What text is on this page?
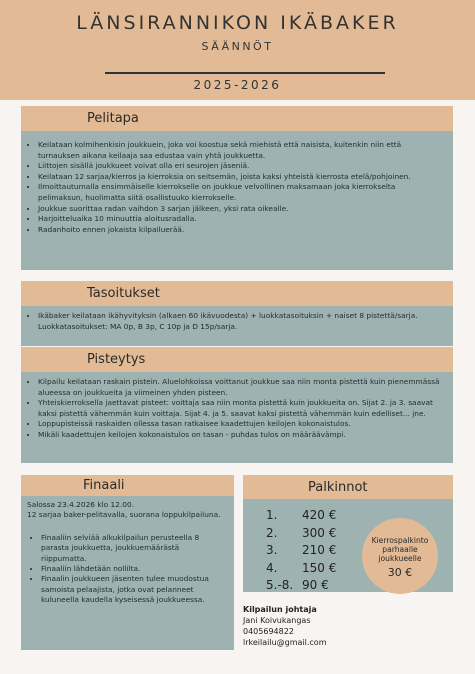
LÄNSIRANNIKON IKÄBAKER
SÄÄNNÖT
2025-2026
Pelitapa
• Keilataan kolmihenkisin joukkuein, joka voi koostua sekä miehistä että naisista, kuitenkin niin että turnauksen aikana keilaaja saa edustaa vain yhtä joukkuetta.
• Liittojen sisällä joukkueet voivat olla eri seurojen jäseniä.
• Keilataan 12 sarjaa/kierros ja kierroksia on seitsemän, joista kaksi yhteistä kierrosta etelä/pohjoinen.
• Ilmoittautumalla ensimmäiselle kierrokselle on joukkue velvollinen maksamaan joka kierrokselta pelimaksun, huolimatta siitä osallistuuko kierrokselle.
• Joukkue suorittaa radan vaihdon 3 sarjan jälkeen, yksi rata oikealle.
• Harjoitteluaika 10 minuuttia aloitusradalla.
• Radanhoito ennen jokaista kilpailuerää.
Tasoitukset
• Ikäbaker keilataan ikähyvityksin (alkaen 60 ikävuodesta) + luokkatasoituksin + naiset 8 pistettä/sarja. Luokkatasoitukset: MA 0p, B 3p, C 10p ja D 15p/sarja.
Pisteytys
• Kilpailu keilataan raskain pistein. Aluelohkoissa voittanut joukkue saa niin monta pistettä kuin pienemmässä alueessa on joukkueita ja viimeinen yhden pisteen.
• Yhteiskierroksella jaettavat pisteet: voittaja saa niin monta pistettä kuin joukkueita on. Sijat 2. ja 3. saavat kaksi pistettä vähemmän kuin voittaja. Sijat 4. ja 5. saavat kaksi pistettä vähemmän kuin edelliset... jne.
• Loppupisteissä raskaiden ollessa tasan ratkaisee kaadettujen keilojen kokonaistulos.
• Mikäli kaadettujen keilojen kokonaistulos on tasan - puhdas tulos on määräävämpi.
Finaali
Salossa 23.4.2026 klo 12.00.
12 sarjaa baker-pelitavalla, suorana loppukilpailuna.
• Finaaliin selviää alkukilpailun perusteella 8 parasta joukkuetta, joukkuemäärästä riippumatta.
• Finaaliin lähdetään nollilta.
• Finaalin joukkueen jäsenten tulee muodostua samoista pelaajista, jotka ovat pelanneet kuluneella kaudella kyseisessä joukkueessa.
Palkinnot
1. 420 €
2. 300 €
3. 210 €
4. 150 €
5.-8. 90 €
Kierrospalkinto
parhaalle
joukkueelle
30 €
Kilpailun johtaja
Jani Koivukangas
0405694822
lrkeilailu@gmail.com
